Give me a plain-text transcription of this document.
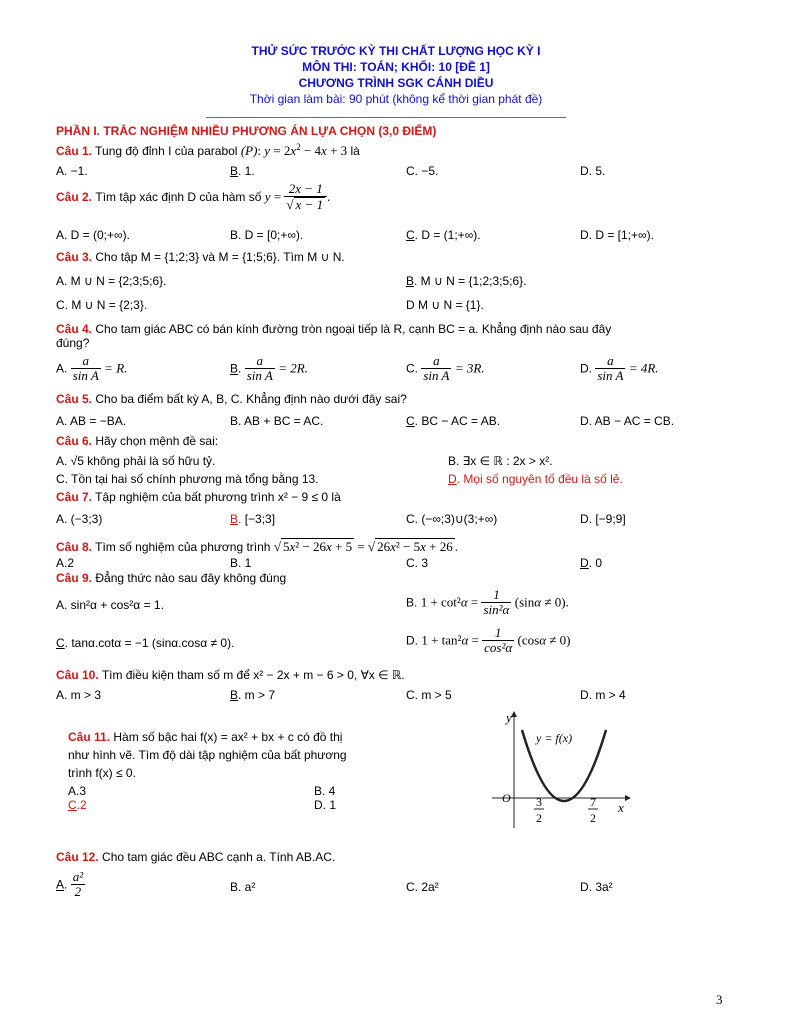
THỬ SỨC TRƯỚC KỲ THI CHẤT LƯỢNG HỌC KỲ I
MÔN THI: TOÁN; KHỐI: 10 [ĐỀ 1]
CHƯƠNG TRÌNH SGK CÁNH DIỀU
Thời gian làm bài: 90 phút (không kể thời gian phát đề)
PHẦN I. TRẮC NGHIỆM NHIỀU PHƯƠNG ÁN LỰA CHỌN (3,0 ĐIỂM)
Câu 1. Tung độ đỉnh I của parabol (P): $y = 2x^2 - 4x + 3$ là
A. −1.	B. 1.	C. −5.	D. 5.
Câu 2. Tìm tập xác định D của hàm số $y = \frac{2x - 1}{√ x - 1}$ .
A. D = (0;+∞).	B. D = [0;+∞).	C. D = (1;+∞).	D. D = [1;+∞).
Câu 3. Cho tập M = {1;2;3} và M = {1;5;6}. Tìm M ∪ N.
A. M ∪ N = {2;3;5;6}.	B. M ∪ N = {1;2;3;5;6}.
C. M ∪ N = {2;3}.	D M ∪ N = {1}.
Câu 4. Cho tam giác ABC có bán kính đường tròn ngoại tiếp là R, cạnh BC = a. Khẳng định nào sau đây
đúng?
A. $\frac{a}{\text{sin A}} = R$.	B. $\frac{a}{\text{sin A}} = 2R$.	C. $\frac{a}{\text{sin A}} = 3R$.	D. $\frac{a}{\text{sin A}} = 4R$.
Câu 5. Cho ba điểm bất kỳ A, B, C. Khẳng định nào dưới đây sai?
A. AB = −BA.	B. AB + BC = AC.	C. BC − AC = AB.	D. AB − AC = CB.
Câu 6. Hãy chọn mệnh đề sai:
A. √5 không phải là số hữu tỷ.	B. ∃x ∈ ℝ : 2x > x².
C. Tồn tại hai số chính phương mà tổng bằng 13.	D. Mọi số nguyên tố đều là số lẻ.
Câu 7. Tập nghiệm của bất phương trình x² − 9 ≤ 0 là
A. (−3;3)	B. [−3;3]	C. (−∞;3)∪(3;+∞)	D. [−9;9]
Câu 8. Tìm số nghiệm của phương trình √ 5x² − 26x + 5 = √ 26x² − 5x + 26 .
A.2	B. 1	C. 3	D. 0
Câu 9. Đẳng thức nào sau đây không đúng
A. sin²α + cos²α = 1.	B. $1 + \cot^2\alpha = \frac{1}{\text{sin²α}} (\sin\alpha \ne 0)$.
C. tanα.cotα = −1 (sinα.cosα ≠ 0).	D. $1 + \tan^2\alpha = \frac{1}{\text{cos²α}} (\cos\alpha \ne 0)$
Câu 10. Tìm điều kiện tham số m để x² − 2x + m − 6 > 0, ∀x ∈ ℝ.
A. m > 3	B. m > 7	C. m > 5	D. m > 4
Câu 11. Hàm số bậc hai f(x) = ax² + bx + c có đồ thị
như hình vẽ. Tìm độ dài tập nghiệm của bất phương
trình f(x) ≤ 0.
A.3	B. 4
C.2	D. 1
y
x
O
y = f(x)
3
2
7
2
Câu 12. Cho tam giác đều ABC cạnh a. Tính AB.AC.
A. $\frac{\text{a²}}{2}$	B. a²	C. 2a²	D. 3a²
3
